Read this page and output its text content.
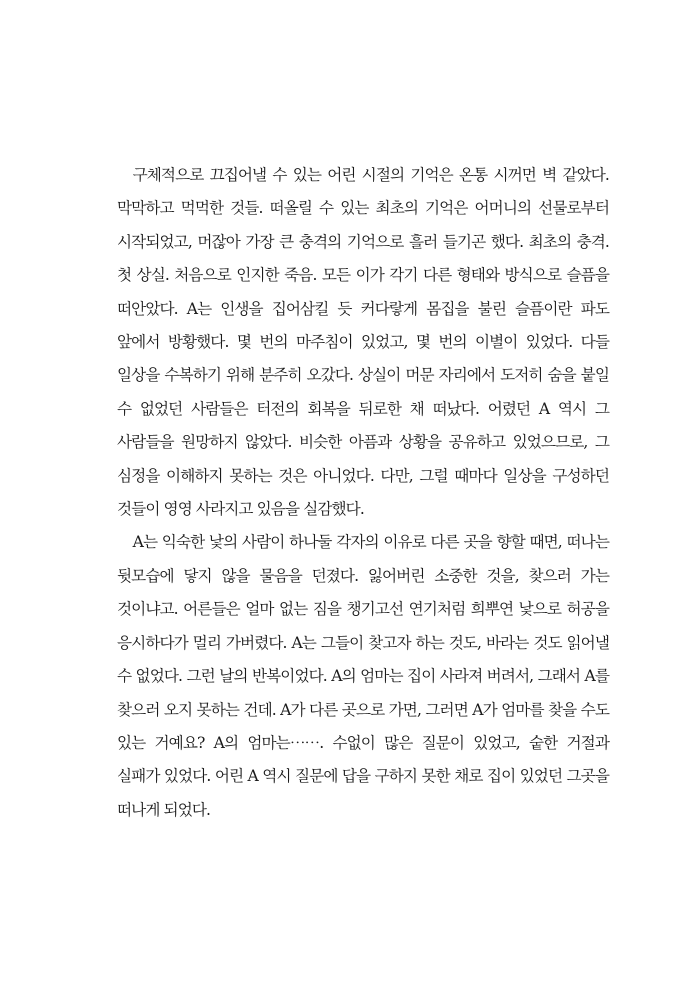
구체적으로 끄집어낼 수 있는 어린 시절의 기억은 온통 시꺼먼 벽 같았다. 막막하고 먹먹한 것들. 떠올릴 수 있는 최초의 기억은 어머니의 선물로부터 시작되었고, 머잖아 가장 큰 충격의 기억으로 흘러 들기곤 했다. 최초의 충격. 첫 상실. 처음으로 인지한 죽음. 모든 이가 각기 다른 형태와 방식으로 슬픔을 떠안았다. A는 인생을 집어삼킬 듯 커다랗게 몸집을 불린 슬픔이란 파도 앞에서 방황했다. 몇 번의 마주침이 있었고, 몇 번의 이별이 있었다. 다들 일상을 수복하기 위해 분주히 오갔다. 상실이 머문 자리에서 도저히 숨을 붙일 수 없었던 사람들은 터전의 회복을 뒤로한 채 떠났다. 어렸던 A 역시 그 사람들을 원망하지 않았다. 비슷한 아픔과 상황을 공유하고 있었으므로, 그 심정을 이해하지 못하는 것은 아니었다. 다만, 그럴 때마다 일상을 구성하던 것들이 영영 사라지고 있음을 실감했다.

A는 익숙한 낯의 사람이 하나둘 각자의 이유로 다른 곳을 향할 때면, 떠나는 뒷모습에 닿지 않을 물음을 던졌다. 잃어버린 소중한 것을, 찾으러 가는 것이냐고. 어른들은 얼마 없는 짐을 챙기고선 연기처럼 희뿌연 낯으로 허공을 응시하다가 멀리 가버렸다. A는 그들이 찾고자 하는 것도, 바라는 것도 읽어낼 수 없었다. 그런 날의 반복이었다. A의 엄마는 집이 사라져 버려서, 그래서 A를 찾으러 오지 못하는 건데. A가 다른 곳으로 가면, 그러면 A가 엄마를 찾을 수도 있는 거예요? A의 엄마는⋯⋯. 수없이 많은 질문이 있었고, 숱한 거절과 실패가 있었다. 어린 A 역시 질문에 답을 구하지 못한 채로 집이 있었던 그곳을 떠나게 되었다.
